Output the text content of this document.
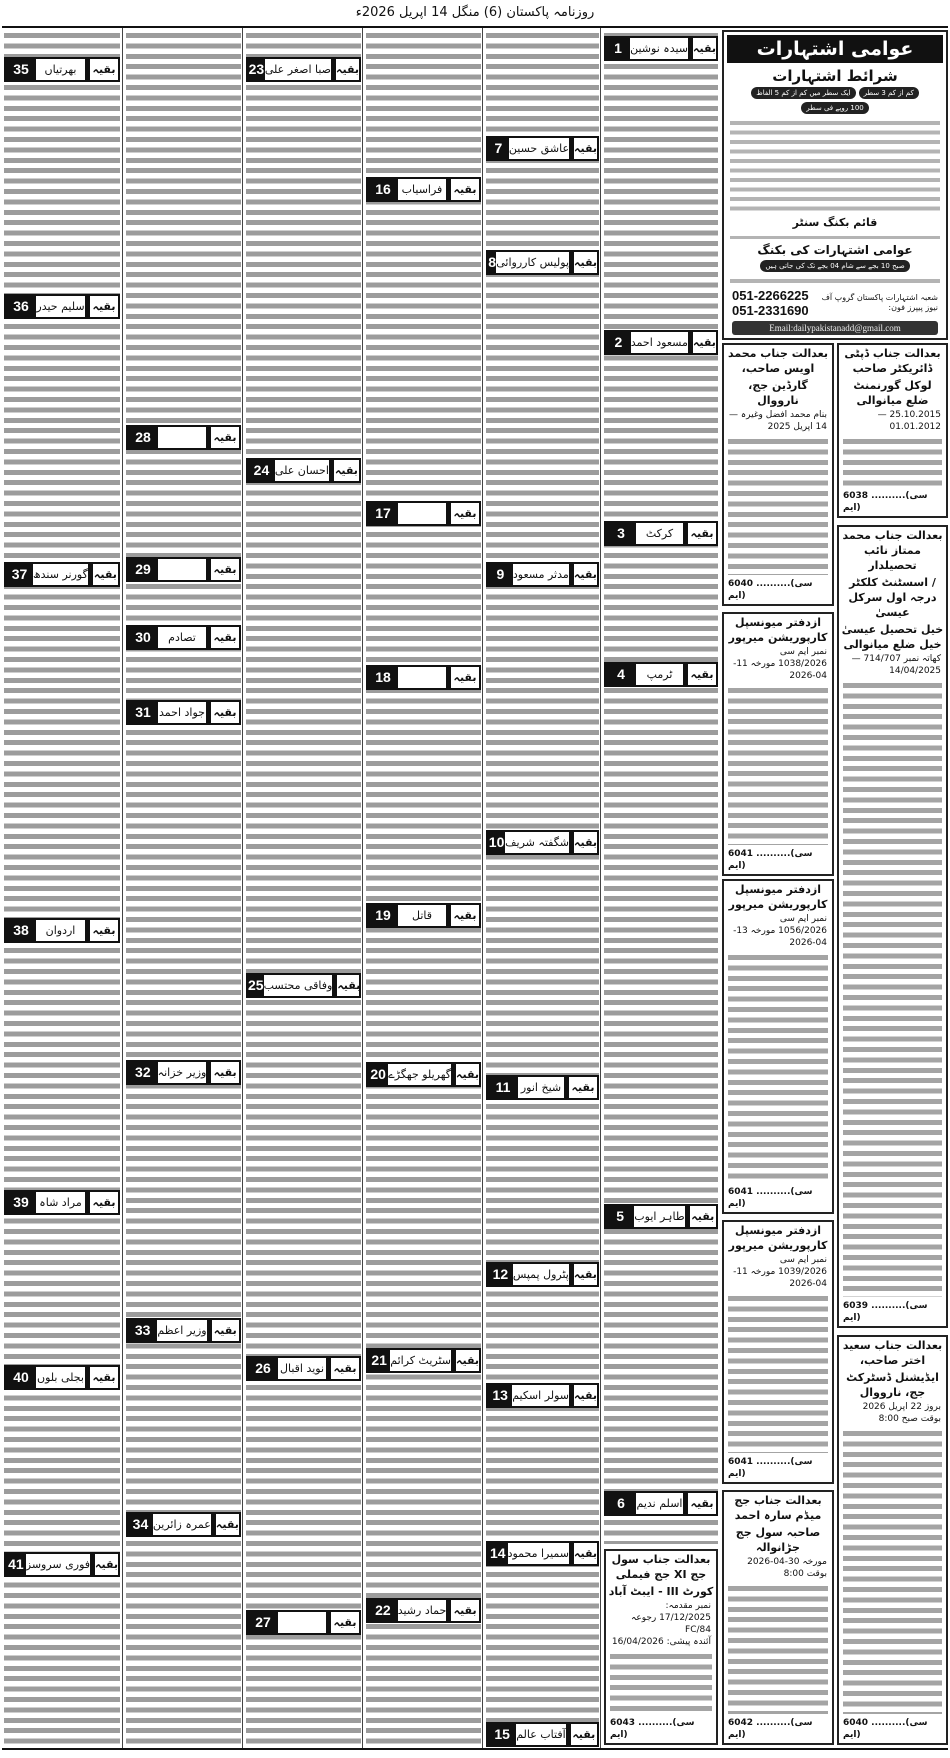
روزنامہ پاکستان (6) منگل 14 اپریل 2026ء
1 سیدہ نوشین بقیہ
2 مسعود احمد بقیہ
3	کرکٹ	بقیہ
4	ٹرمپ	بقیہ
5 طاہر ایوب بقیہ
6	اسلم ندیم بقیہ
7 عاشق حسین بقیہ
8 پولیس کارروائی بقیہ
9 مدثر مسعود بقیہ
10 شگفتہ شریف بقیہ
11 شیخ انور بقیہ
12 پٹرول پمپس بقیہ
13 سولر اسکیم بقیہ
14 سمیرا محمود بقیہ
15 آفتاب عالم بقیہ
16 فراسیاب	بقیہ
17	بقیہ
18	بقیہ
19	قاتل	بقیہ
20 گھریلو جھگڑے بقیہ
21 سٹریٹ کرائم بقیہ
22 حماد رشید بقیہ
23 صبا اصغر علی بقیہ
24 احسان علی بقیہ
25 وفاقی محتسب بقیہ
26 نوید اقبال بقیہ
27	بقیہ
28	بقیہ
29	بقیہ
30	تصادم	بقیہ
31 جواد احمد بقیہ
32 وزیر خزانہ بقیہ
33 وزیر اعظم بقیہ
34 عمرہ زائرین بقیہ
35	بھرتیاں	بقیہ
36 سلیم حیدر بقیہ
37 گورنر سندھ بقیہ
38	اردوان	بقیہ
39 مراد شاہ بقیہ
40 بجلی بلوں بقیہ
41 فوری سروسز بقیہ	بعدالت جناب سول جج XI جج فیملی
کورٹ III - ایبٹ آباد
نمبر مقدمہ: 17/12/2025 رجوعہ 84/FC
آئندہ پیشی: 16/04/2026
6043 ..........(سی ایم)
عوامی اشتہارات
شرائط اشتہارات
کم از کم 3 سطر
ایک سطر میں کم از کم 5 الفاظ
100 روپے فی سطر
قائم بکنگ سنٹر
عوامی اشتہارات کی بکنگ
صبح 10 بجے سے شام 04 بجے تک کی جاتی ہیں
شعبہ اشتہارات پاکستان گروپ آف نیوز پیپرز فون:
051-2266225
051-2331690
Email:dailypakistanadd@gmail.com
بعدالت جناب محمد اویس صاحب،
گارڈین جج، نارووال
بنام محمد افضل وغیرہ — 14 اپریل 2025
6040 ..........(سی ایم)
ازدفتر میونسپل کارپوریشن میرپور
نمبر ایم سی 1038/2026 مورخہ 11-04-2026
6041 ..........(سی ایم)
ازدفتر میونسپل کارپوریشن میرپور
نمبر ایم سی 1056/2026 مورخہ 13-04-2026
6041 ..........(سی ایم)
ازدفتر میونسپل کارپوریشن میرپور
نمبر ایم سی 1039/2026 مورخہ 11-04-2026
6041 ..........(سی ایم)
بعدالت جناب جج میڈم سارہ احمد
صاحبہ سول جج جڑانوالہ
مورخہ 30-04-2026 بوقت 8:00
6042 ..........(سی ایم)
بعدالت جناب ڈپٹی ڈائریکٹر صاحب
لوکل گورنمنٹ ضلع میانوالی
25.10.2015 — 01.01.2012
6038 ..........(سی ایم)
بعدالت جناب محمد ممتاز نائب تحصیلدار
/ اسسٹنٹ کلکٹر درجہ اول سرکل عیسیٰ
خیل تحصیل عیسیٰ خیل ضلع میانوالی
کھاتہ نمبر 714/707 — 14/04/2025
6039 ..........(سی ایم)
بعدالت جناب سعید اختر صاحب،
ایڈیشنل ڈسٹرکٹ جج، نارووال
بروز 22 اپریل 2026 بوقت صبح 8:00
6040 ..........(سی ایم)
